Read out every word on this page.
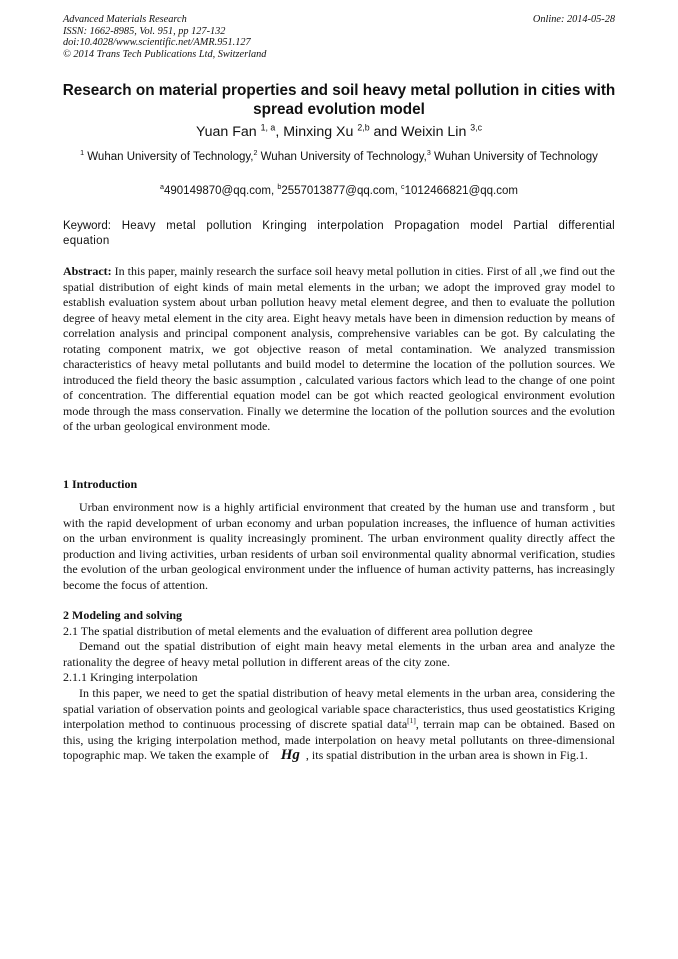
Advanced Materials Research
ISSN: 1662-8985, Vol. 951, pp 127-132
doi:10.4028/www.scientific.net/AMR.951.127
© 2014 Trans Tech Publications Ltd, Switzerland
Online: 2014-05-28
Research on material properties and soil heavy metal pollution in cities with spread evolution model
Yuan Fan $^{1, a}$, Minxing Xu $^{2,b}$ and Weixin Lin $^{3,c}$
$^1$ Wuhan University of Technology,$^2$ Wuhan University of Technology,$^3$ Wuhan University of Technology
$^a$490149870@qq.com, $^b$2557013877@qq.com, $^c$1012466821@qq.com
Keyword: Heavy metal pollution Kringing interpolation Propagation model Partial differential equation
Abstract: In this paper, mainly research the surface soil heavy metal pollution in cities. First of all ,we find out the spatial distribution of eight kinds of main metal elements in the urban; we adopt the improved gray model to establish evaluation system about urban pollution heavy metal element degree, and then to evaluate the pollution degree of heavy metal element in the city area. Eight heavy metals have been in dimension reduction by means of correlation analysis and principal component analysis, comprehensive variables can be got. By calculating the rotating component matrix, we got objective reason of metal contamination. We analyzed transmission characteristics of heavy metal pollutants and build model to determine the location of the pollution sources. We introduced the field theory the basic assumption , calculated various factors which lead to the change of one point of concentration. The differential equation model can be got which reacted geological environment evolution mode through the mass conservation. Finally we determine the location of the pollution sources and the evolution of the urban geological environment mode.
1 Introduction
Urban environment now is a highly artificial environment that created by the human use and transform , but with the rapid development of urban economy and urban population increases, the influence of human activities on the urban environment is quality increasingly prominent. The urban environment quality directly affect the production and living activities, urban residents of urban soil environmental quality abnormal verification, studies the evolution of the urban geological environment under the influence of human activity patterns, has increasingly become the focus of attention.
2 Modeling and solving
2.1 The spatial distribution of metal elements and the evaluation of different area pollution degree
Demand out the spatial distribution of eight main heavy metal elements in the urban area and analyze the rationality the degree of heavy metal pollution in different areas of the city zone.
2.1.1 Kringing interpolation
In this paper, we need to get the spatial distribution of heavy metal elements in the urban area, considering the spatial variation of observation points and geological variable space characteristics, thus used geostatistics Kriging interpolation method to continuous processing of discrete spatial data[1], terrain map can be obtained. Based on this, using the kriging interpolation method, made interpolation on heavy metal pollutants on three-dimensional topographic map. We taken the example of Hg , its spatial distribution in the urban area is shown in Fig.1.
